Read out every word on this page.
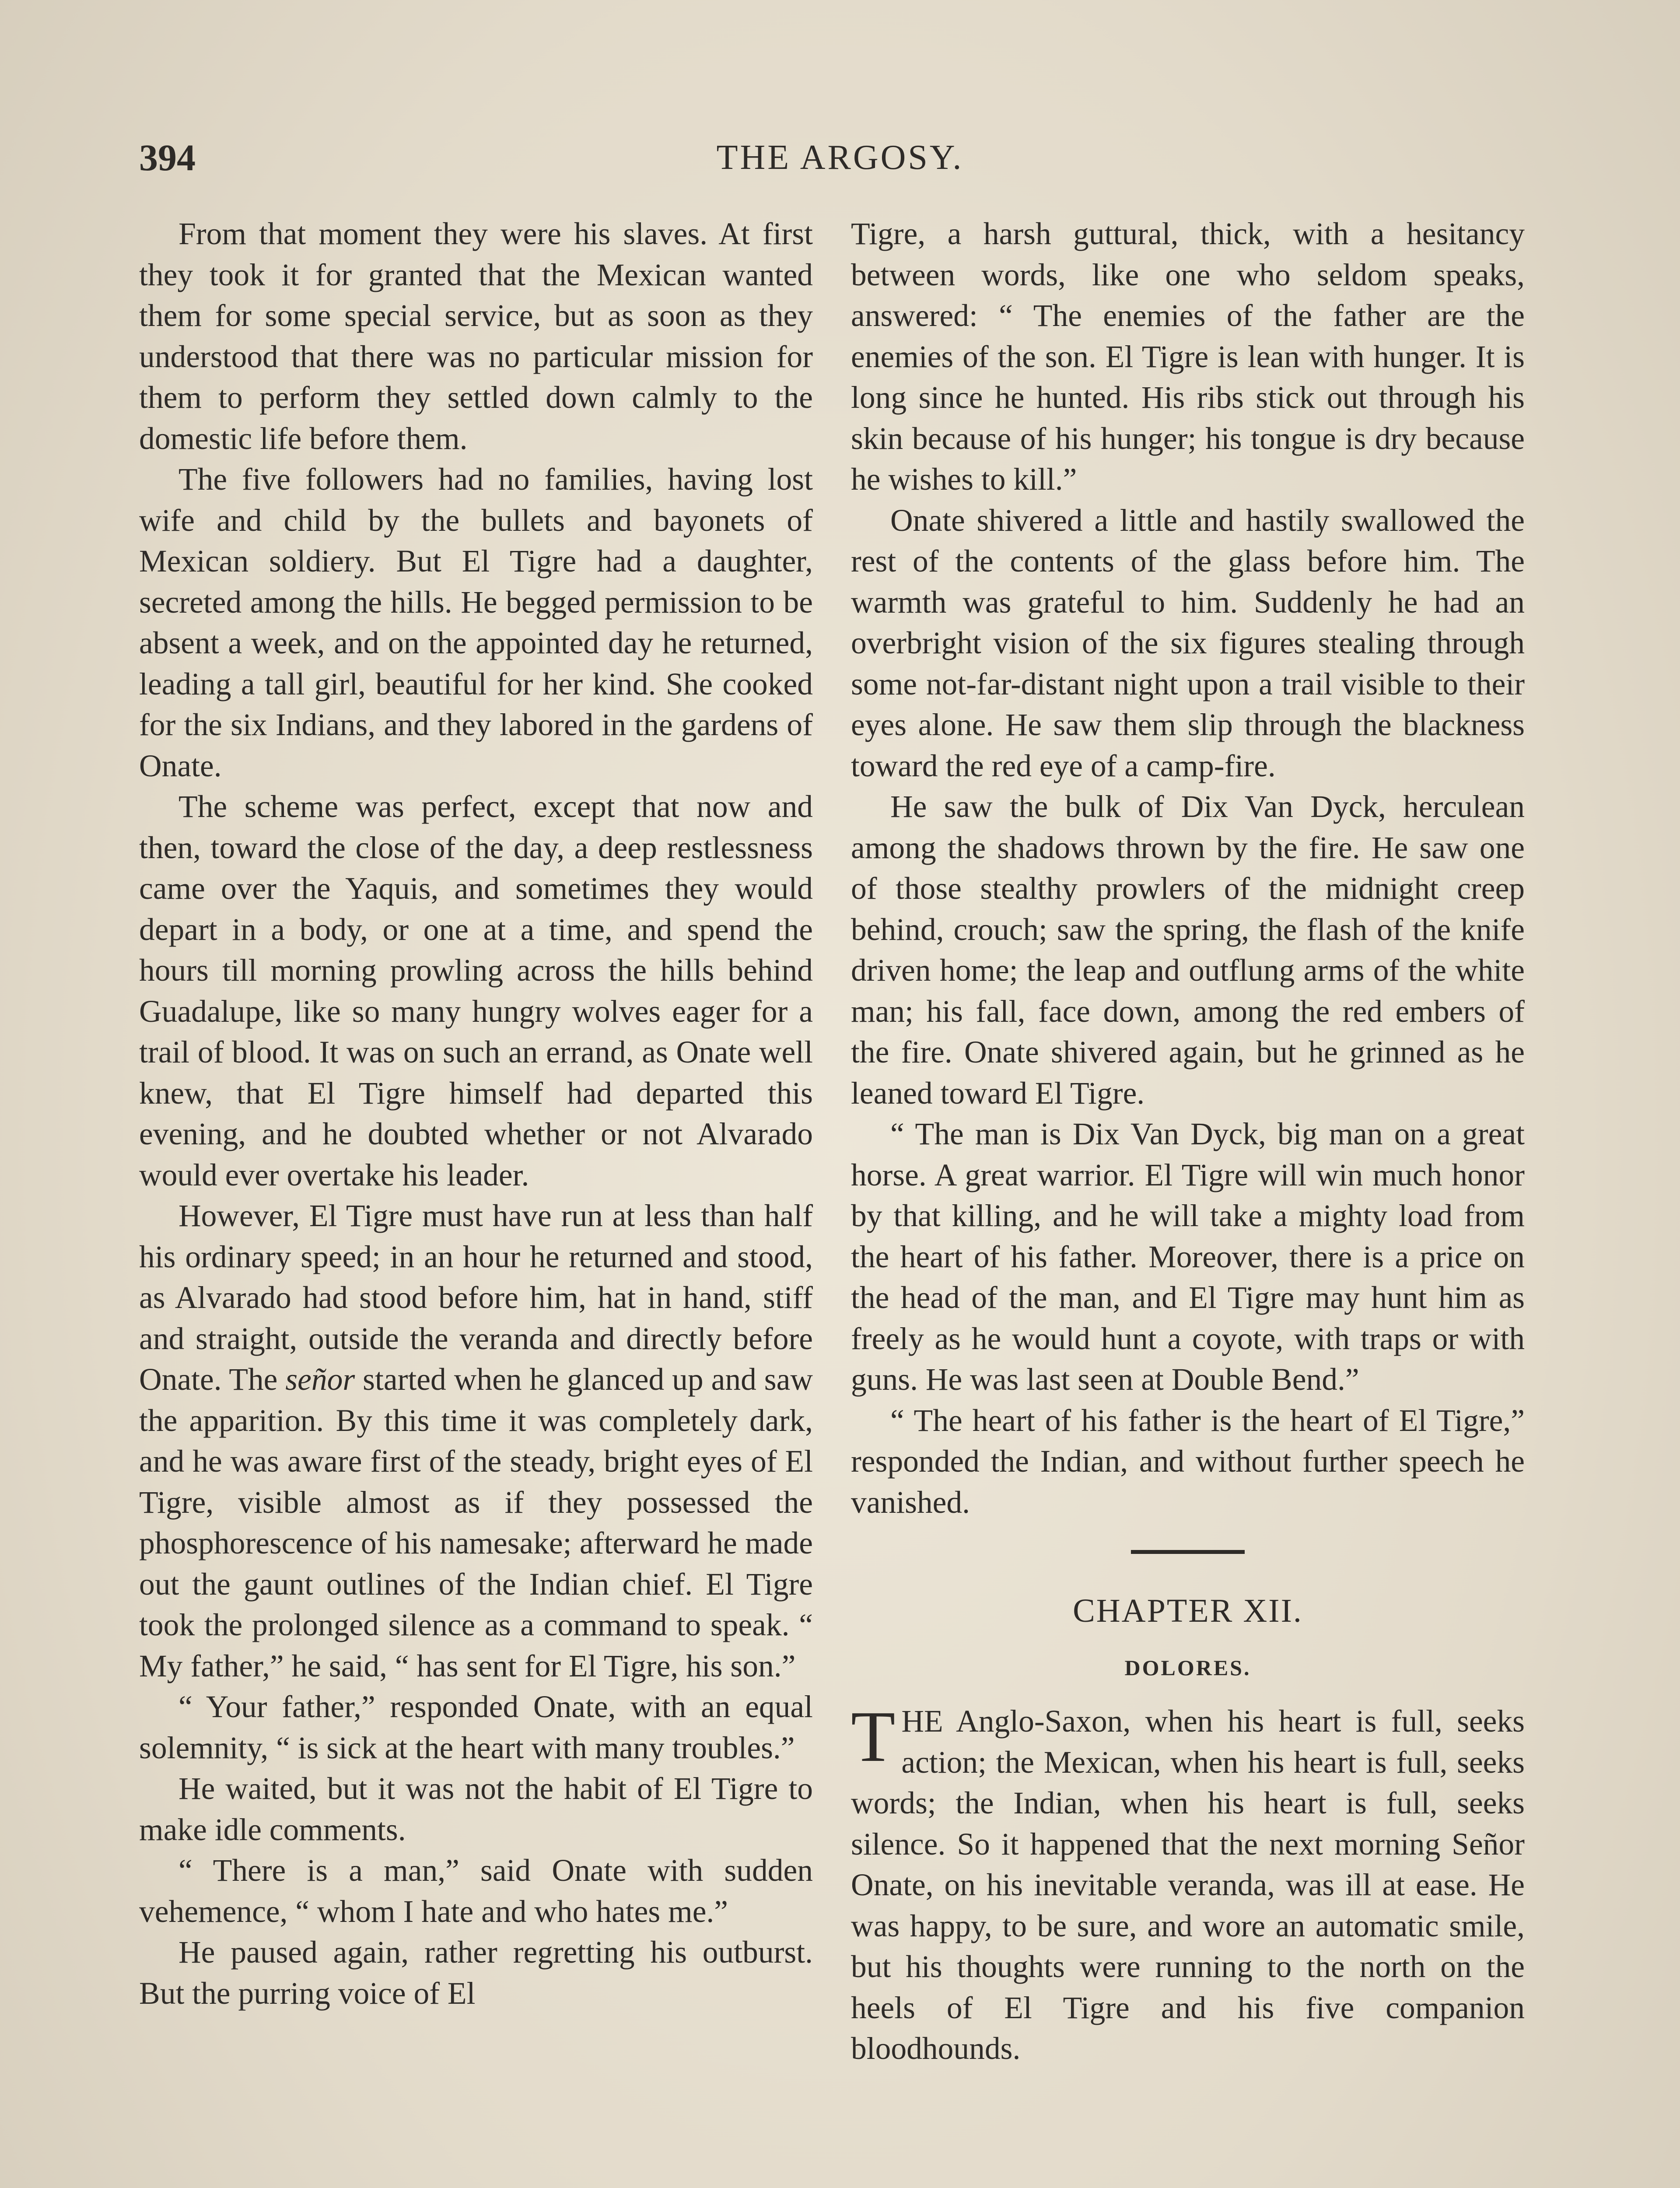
394	THE ARGOSY.

From that moment they were his slaves. At first they took it for granted that the Mexican wanted them for some special service, but as soon as they understood that there was no particular mission for them to perform they settled down calmly to the domestic life before them.

The five followers had no families, having lost wife and child by the bullets and bayonets of Mexican soldiery. But El Tigre had a daughter, secreted among the hills. He begged permission to be absent a week, and on the appointed day he returned, leading a tall girl, beautiful for her kind. She cooked for the six Indians, and they labored in the gardens of Onate.

The scheme was perfect, except that now and then, toward the close of the day, a deep restlessness came over the Yaquis, and sometimes they would depart in a body, or one at a time, and spend the hours till morning prowling across the hills behind Guadalupe, like so many hungry wolves eager for a trail of blood. It was on such an errand, as Onate well knew, that El Tigre himself had departed this evening, and he doubted whether or not Alvarado would ever overtake his leader.

However, El Tigre must have run at less than half his ordinary speed; in an hour he returned and stood, as Alvarado had stood before him, hat in hand, stiff and straight, outside the veranda and directly before Onate. The señor started when he glanced up and saw the apparition. By this time it was completely dark, and he was aware first of the steady, bright eyes of El Tigre, visible almost as if they possessed the phosphorescence of his namesake; afterward he made out the gaunt outlines of the Indian chief. El Tigre took the prolonged silence as a command to speak. “ My father,” he said, “ has sent for El Tigre, his son.”

“ Your father,” responded Onate, with an equal solemnity, “ is sick at the heart with many troubles.”

He waited, but it was not the habit of El Tigre to make idle comments.

“ There is a man,” said Onate with sudden vehemence, “ whom I hate and who hates me.”

He paused again, rather regretting his outburst. But the purring voice of El

Tigre, a harsh guttural, thick, with a hesitancy between words, like one who seldom speaks, answered: “ The enemies of the father are the enemies of the son. El Tigre is lean with hunger. It is long since he hunted. His ribs stick out through his skin because of his hunger; his tongue is dry because he wishes to kill.”

Onate shivered a little and hastily swallowed the rest of the contents of the glass before him. The warmth was grateful to him. Suddenly he had an overbright vision of the six figures stealing through some not-far-distant night upon a trail visible to their eyes alone. He saw them slip through the blackness toward the red eye of a camp-fire.

He saw the bulk of Dix Van Dyck, herculean among the shadows thrown by the fire. He saw one of those stealthy prowlers of the midnight creep behind, crouch; saw the spring, the flash of the knife driven home; the leap and outflung arms of the white man; his fall, face down, among the red embers of the fire. Onate shivered again, but he grinned as he leaned toward El Tigre.

“ The man is Dix Van Dyck, big man on a great horse. A great warrior. El Tigre will win much honor by that killing, and he will take a mighty load from the heart of his father. Moreover, there is a price on the head of the man, and El Tigre may hunt him as freely as he would hunt a coyote, with traps or with guns. He was last seen at Double Bend.”

“ The heart of his father is the heart of El Tigre,” responded the Indian, and without further speech he vanished.

CHAPTER XII.
DOLORES.

THE Anglo-Saxon, when his heart is full, seeks action; the Mexican, when his heart is full, seeks words; the Indian, when his heart is full, seeks silence. So it happened that the next morning Señor Onate, on his inevitable veranda, was ill at ease. He was happy, to be sure, and wore an automatic smile, but his thoughts were running to the north on the heels of El Tigre and his five companion bloodhounds.
